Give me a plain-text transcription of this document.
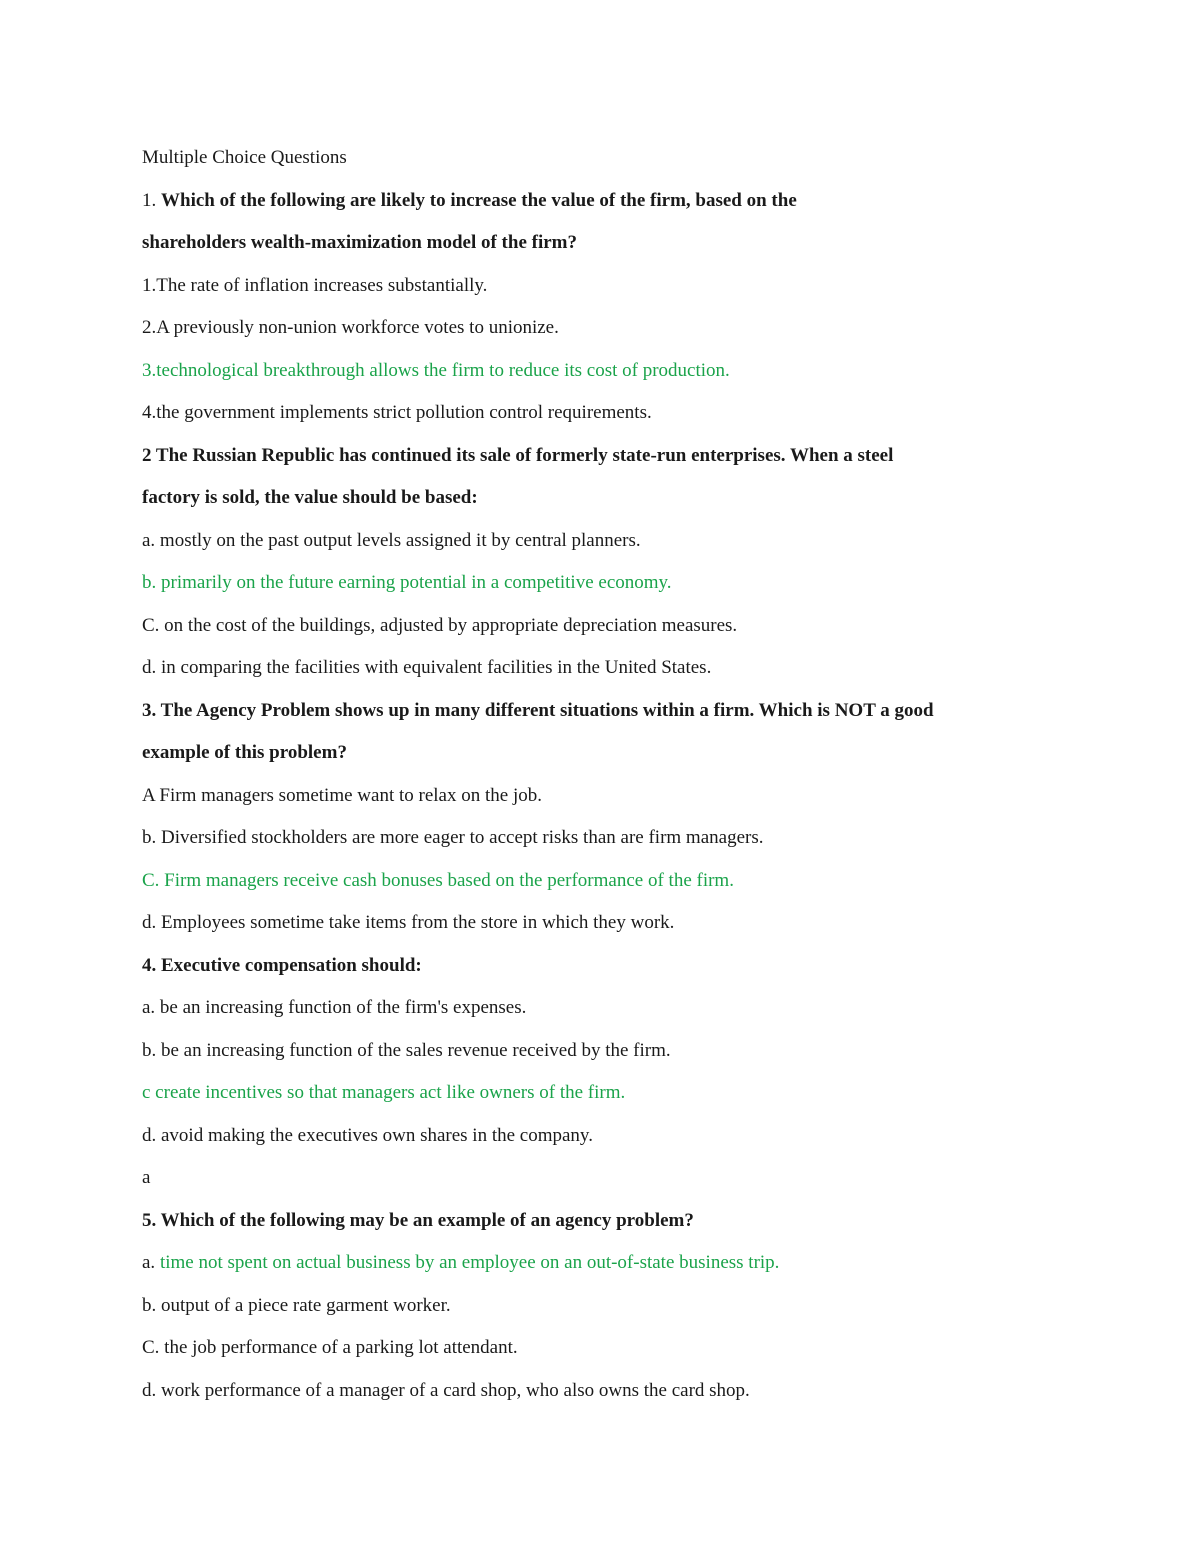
Multiple Choice Questions
1. Which of the following are likely to increase the value of the firm, based on the
shareholders wealth-maximization model of the firm?
1.The rate of inflation increases substantially.
2.A previously non-union workforce votes to unionize.
3.technological breakthrough allows the firm to reduce its cost of production.
4.the government implements strict pollution control requirements.
2 The Russian Republic has continued its sale of formerly state-run enterprises. When a steel
factory is sold, the value should be based:
a. mostly on the past output levels assigned it by central planners.
b. primarily on the future earning potential in a competitive economy.
C. on the cost of the buildings, adjusted by appropriate depreciation measures.
d. in comparing the facilities with equivalent facilities in the United States.
3. The Agency Problem shows up in many different situations within a firm. Which is NOT a good
example of this problem?
A Firm managers sometime want to relax on the job.
b. Diversified stockholders are more eager to accept risks than are firm managers.
C. Firm managers receive cash bonuses based on the performance of the firm.
d. Employees sometime take items from the store in which they work.
4. Executive compensation should:
a. be an increasing function of the firm's expenses.
b. be an increasing function of the sales revenue received by the firm.
c create incentives so that managers act like owners of the firm.
d. avoid making the executives own shares in the company.
a
5. Which of the following may be an example of an agency problem?
a. time not spent on actual business by an employee on an out-of-state business trip.
b. output of a piece rate garment worker.
C. the job performance of a parking lot attendant.
d. work performance of a manager of a card shop, who also owns the card shop.
